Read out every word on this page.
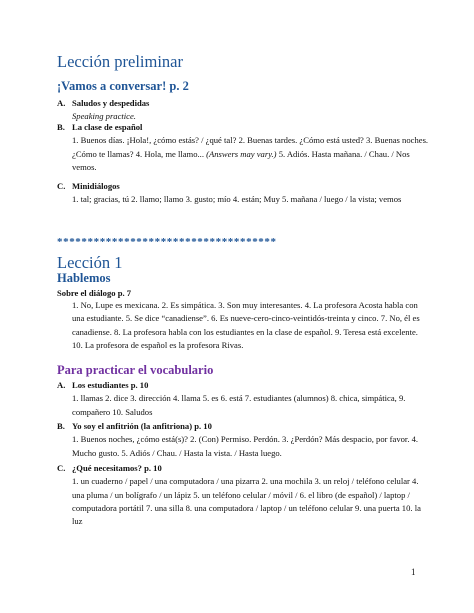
Lección preliminar
¡Vamos a conversar! p. 2
A. Saludos y despedidas
Speaking practice.
B. La clase de español
1. Buenos días. ¡Hola!, ¿cómo estás? / ¿qué tal? 2. Buenas tardes. ¿Cómo está usted? 3. Buenas noches. ¿Cómo te llamas? 4. Hola, me llamo... (Answers may vary.) 5. Adiós. Hasta mañana. / Chau. / Nos vemos.
C. Minidiálogos
1. tal; gracias, tú 2. llamo; llamo 3. gusto; mío 4. están; Muy 5. mañana / luego / la vista; vemos
************************************
Lección 1
Hablemos
Sobre el diálogo p. 7
1. No, Lupe es mexicana. 2. Es simpática. 3. Son muy interesantes. 4. La profesora Acosta habla con una estudiante. 5. Se dice “canadiense”. 6. Es nueve-cero-cinco-veintidós-treinta y cinco. 7. No, él es canadiense. 8. La profesora habla con los estudiantes en la clase de español. 9. Teresa está excelente. 10. La profesora de español es la profesora Rivas.
Para practicar el vocabulario
A. Los estudiantes p. 10
1. llamas 2. dice 3. dirección 4. llama 5. es 6. está 7. estudiantes (alumnos) 8. chica, simpática, 9. compañero 10. Saludos
B. Yo soy el anfitrión (la anfitriona) p. 10
1. Buenos noches, ¿cómo está(s)? 2. (Con) Permiso. Perdón. 3. ¿Perdón? Más despacio, por favor. 4. Mucho gusto. 5. Adiós / Chau. / Hasta la vista. / Hasta luego.
C. ¿Qué necesitamos? p. 10
1. un cuaderno / papel / una computadora / una pizarra 2. una mochila 3. un reloj / teléfono celular 4. una pluma / un bolígrafo / un lápiz 5. un teléfono celular / móvil / 6. el libro (de español) / laptop / computadora portátil 7. una silla 8. una computadora / laptop / un teléfono celular 9. una puerta 10. la luz
1
